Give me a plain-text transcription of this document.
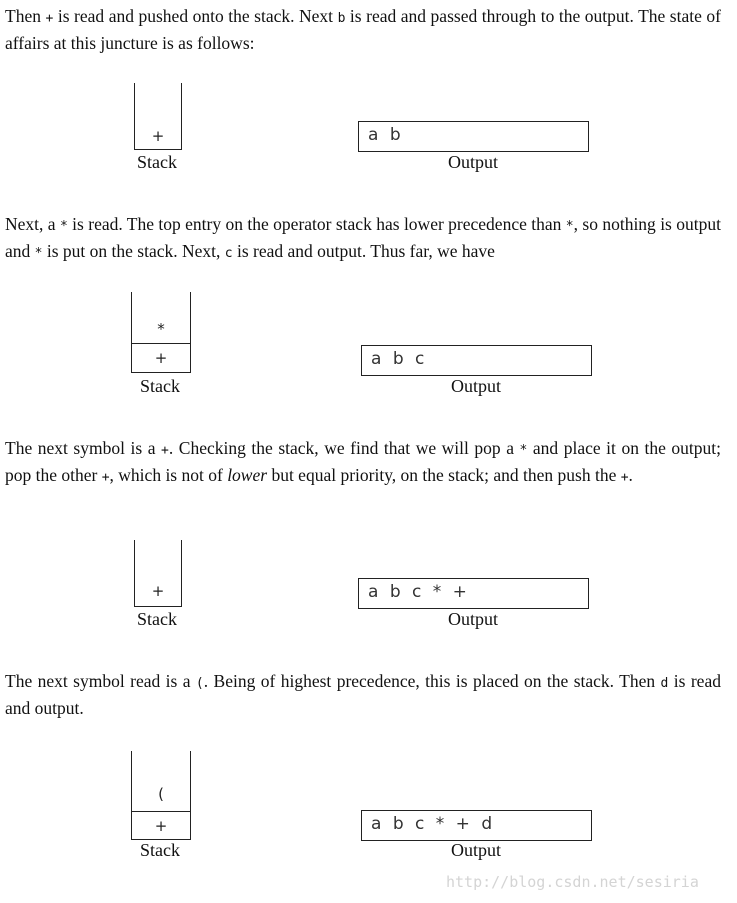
Then + is read and pushed onto the stack. Next b is read and passed through to the output. The state of affairs at this juncture is as follows:

+
Stack
a b
Output

Next, a * is read. The top entry on the operator stack has lower precedence than *, so nothing is output and * is put on the stack. Next, c is read and output. Thus far, we have

*
+
Stack
a b c
Output

The next symbol is a +. Checking the stack, we find that we will pop a * and place it on the output; pop the other +, which is not of lower but equal priority, on the stack; and then push the +.

+
Stack
a b c * +
Output

The next symbol read is a (. Being of highest precedence, this is placed on the stack. Then d is read and output.

(
+
Stack
a b c * + d
Output
http://blog.csdn.net/sesiria
